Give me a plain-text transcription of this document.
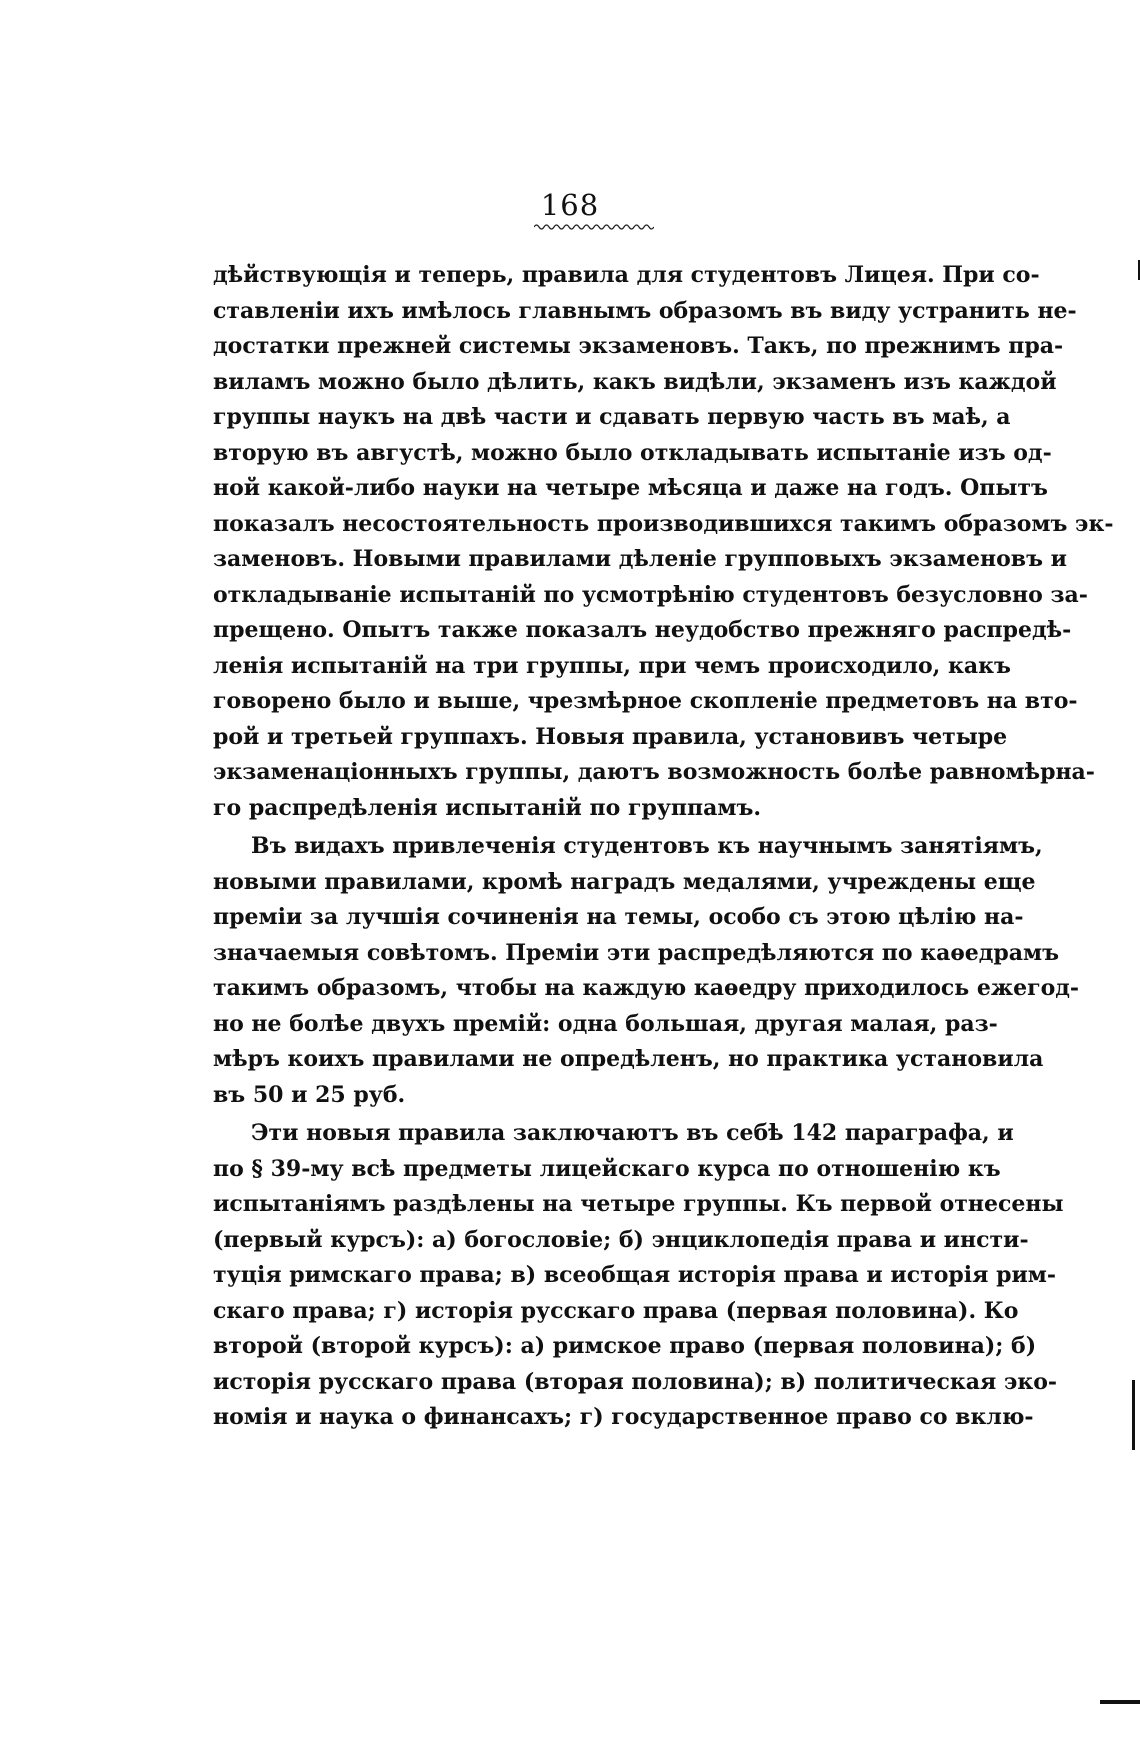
168
дѣйствующія и теперь, правила для студентовъ Лицея. При со-
ставленіи ихъ имѣлось главнымъ образомъ въ виду устранить не-
достатки прежней системы экзаменовъ. Такъ, по прежнимъ пра-
виламъ можно было дѣлить, какъ видѣли, экзаменъ изъ каждой
группы наукъ на двѣ части и сдавать первую часть въ маѣ, а
вторую въ августѣ, можно было откладывать испытаніе изъ од-
ной какой-либо науки на четыре мѣсяца и даже на годъ. Опытъ
показалъ несостоятельность производившихся такимъ образомъ эк-
заменовъ. Новыми правилами дѣленіе групповыхъ экзаменовъ и
откладываніе испытаній по усмотрѣнію студентовъ безусловно за-
прещено. Опытъ также показалъ неудобство прежняго распредѣ-
ленія испытаній на три группы, при чемъ происходило, какъ
говорено было и выше, чрезмѣрное скопленіе предметовъ на вто-
рой и третьей группахъ. Новыя правила, установивъ четыре
экзаменаціонныхъ группы, даютъ возможность болѣе равномѣрна-
го распредѣленія испытаній по группамъ.
Въ видахъ привлеченія студентовъ къ научнымъ занятіямъ,
новыми правилами, кромѣ наградъ медалями, учреждены еще
преміи за лучшія сочиненія на темы, особо съ этою цѣлію на-
значаемыя совѣтомъ. Преміи эти распредѣляются по каѳедрамъ
такимъ образомъ, чтобы на каждую каѳедру приходилось ежегод-
но не болѣе двухъ премій: одна большая, другая малая, раз-
мѣръ коихъ правилами не опредѣленъ, но практика установила
въ 50 и 25 руб.
Эти новыя правила заключаютъ въ себѣ 142 параграфа, и
по § 39-му всѣ предметы лицейскаго курса по отношенію къ
испытаніямъ раздѣлены на четыре группы. Къ первой отнесены
(первый курсъ): а) богословіе; б) энциклопедія права и инсти-
туція римскаго права; в) всеобщая исторія права и исторія рим-
скаго права; г) исторія русскаго права (первая половина). Ко
второй (второй курсъ): а) римское право (первая половина); б)
исторія русскаго права (вторая половина); в) политическая эко-
номія и наука о финансахъ; г) государственное право со вклю-
